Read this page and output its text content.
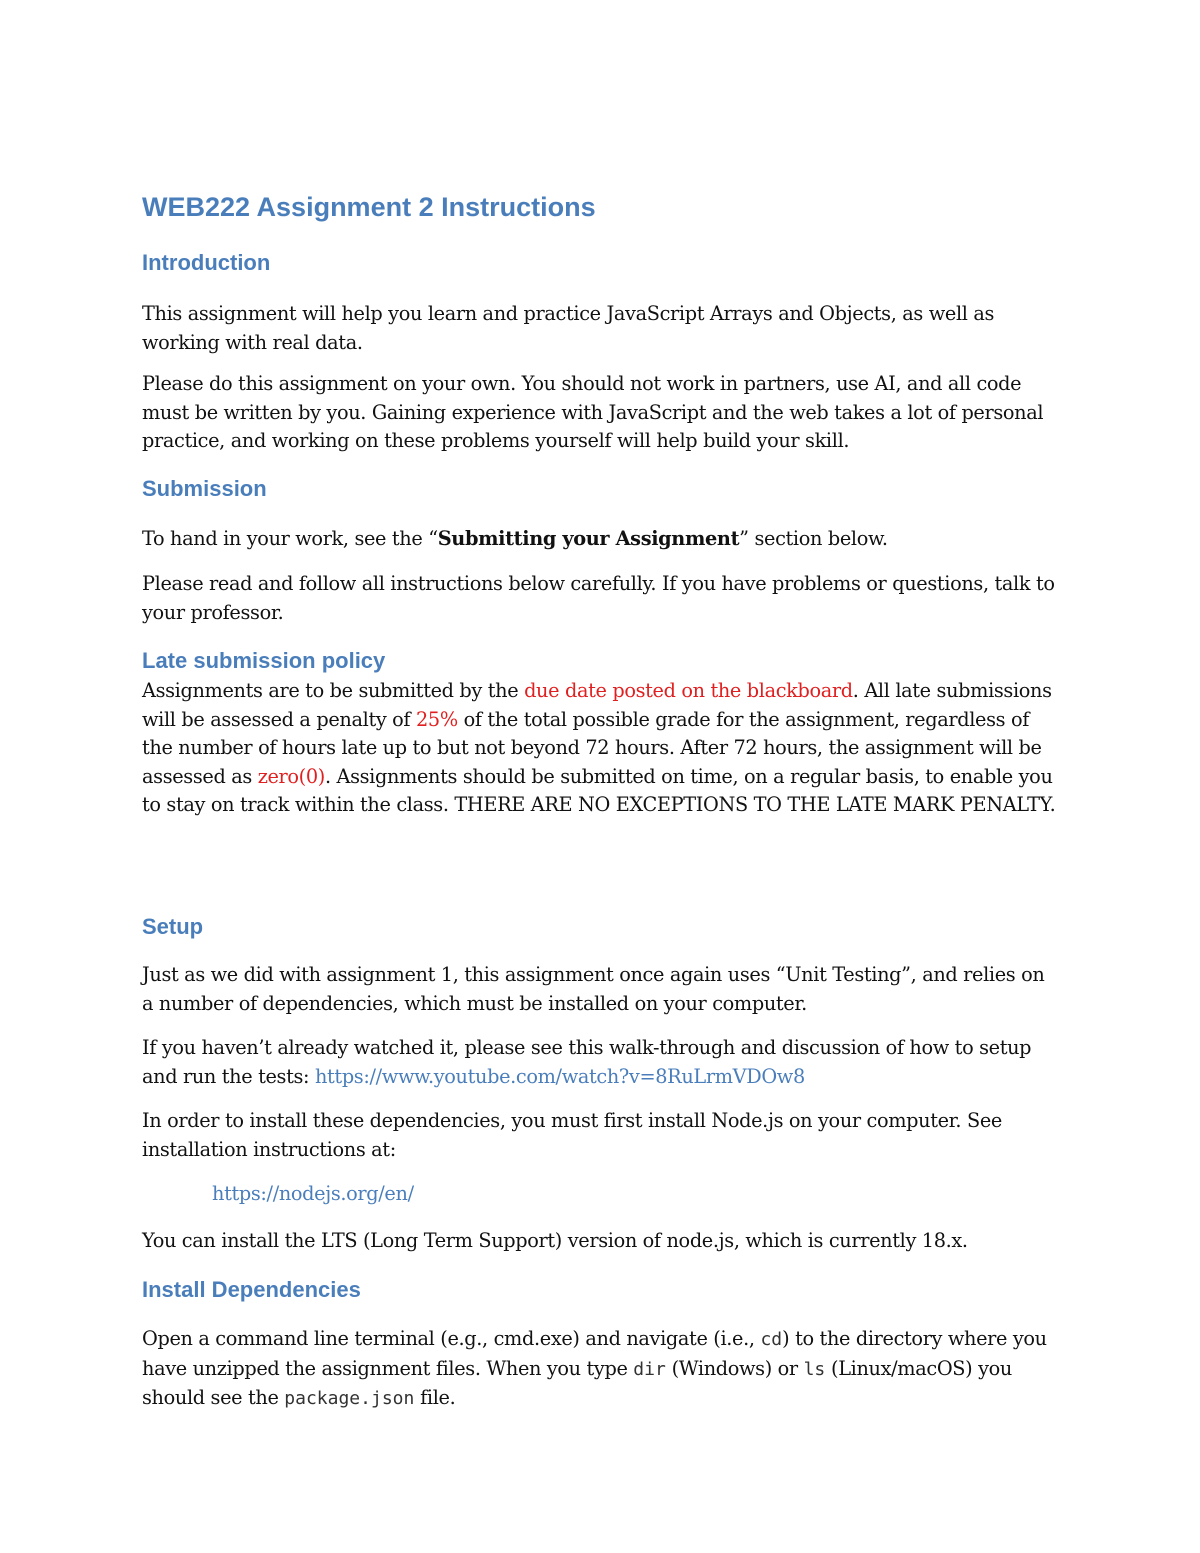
WEB222 Assignment 2 Instructions
Introduction

This assignment will help you learn and practice JavaScript Arrays and Objects, as well as working with real data.

Please do this assignment on your own. You should not work in partners, use AI, and all code must be written by you. Gaining experience with JavaScript and the web takes a lot of personal practice, and working on these problems yourself will help build your skill.

Submission

To hand in your work, see the “Submitting your Assignment” section below.

Please read and follow all instructions below carefully. If you have problems or questions, talk to your professor.

Late submission policy

Assignments are to be submitted by the due date posted on the blackboard. All late submissions will be assessed a penalty of 25% of the total possible grade for the assignment, regardless of the number of hours late up to but not beyond 72 hours. After 72 hours, the assignment will be assessed as zero(0). Assignments should be submitted on time, on a regular basis, to enable you to stay on track within the class. THERE ARE NO EXCEPTIONS TO THE LATE MARK PENALTY.

Setup

Just as we did with assignment 1, this assignment once again uses “Unit Testing”, and relies on a number of dependencies, which must be installed on your computer.

If you haven’t already watched it, please see this walk-through and discussion of how to setup and run the tests: https://www.youtube.com/watch?v=8RuLrmVDOw8

In order to install these dependencies, you must first install Node.js on your computer. See installation instructions at:

https://nodejs.org/en/

You can install the LTS (Long Term Support) version of node.js, which is currently 18.x.

Install Dependencies

Open a command line terminal (e.g., cmd.exe) and navigate (i.e., cd) to the directory where you have unzipped the assignment files. When you type dir (Windows) or ls (Linux/macOS) you should see the package.json file.
